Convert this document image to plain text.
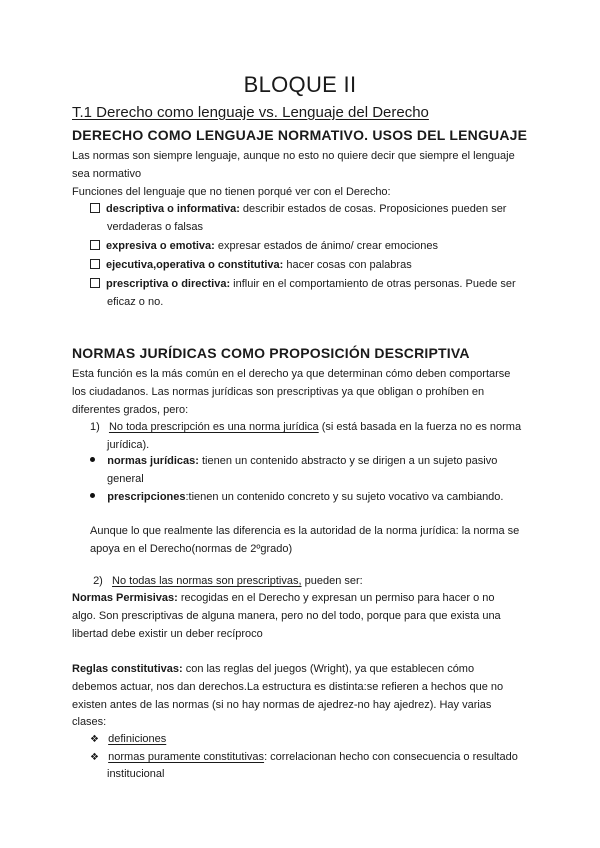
BLOQUE II
T.1 Derecho como lenguaje vs. Lenguaje del Derecho
DERECHO COMO LENGUAJE NORMATIVO. USOS DEL LENGUAJE
Las normas son siempre lenguaje, aunque no esto no quiere decir que siempre el lenguaje
sea normativo
Funciones del lenguaje que no tienen porqué ver con el Derecho:
descriptiva o informativa: describir estados de cosas. Proposiciones pueden ser
verdaderas o falsas
expresiva o emotiva: expresar estados de ánimo/ crear emociones
ejecutiva,operativa o constitutiva: hacer cosas con palabras
prescriptiva o directiva: influir en el comportamiento de otras personas. Puede ser
eficaz o no.
NORMAS JURÍDICAS COMO PROPOSICIÓN DESCRIPTIVA
Esta función es la más común en el derecho ya que determinan cómo deben comportarse
los ciudadanos. Las normas jurídicas son prescriptivas ya que obligan o prohíben en
diferentes grados, pero:
1) No toda prescripción es una norma jurídica (si está basada en la fuerza no es norma
jurídica).
normas jurídicas: tienen un contenido abstracto y se dirigen a un sujeto pasivo
general
prescripciones:tienen un contenido concreto y su sujeto vocativo va cambiando.
Aunque lo que realmente las diferencia es la autoridad de la norma jurídica: la norma se
apoya en el Derecho(normas de 2ºgrado)
2) No todas las normas son prescriptivas, pueden ser:
Normas Permisivas: recogidas en el Derecho y expresan un permiso para hacer o no
algo. Son prescriptivas de alguna manera, pero no del todo, porque para que exista una
libertad debe existir un deber recíproco
Reglas constitutivas: con las reglas del juegos (Wright), ya que establecen cómo
debemos actuar, nos dan derechos.La estructura es distinta:se refieren a hechos que no
existen antes de las normas (si no hay normas de ajedrez-no hay ajedrez). Hay varias
clases:
❖ definiciones
❖ normas puramente constitutivas: correlacionan hecho con consecuencia o resultado
institucional
